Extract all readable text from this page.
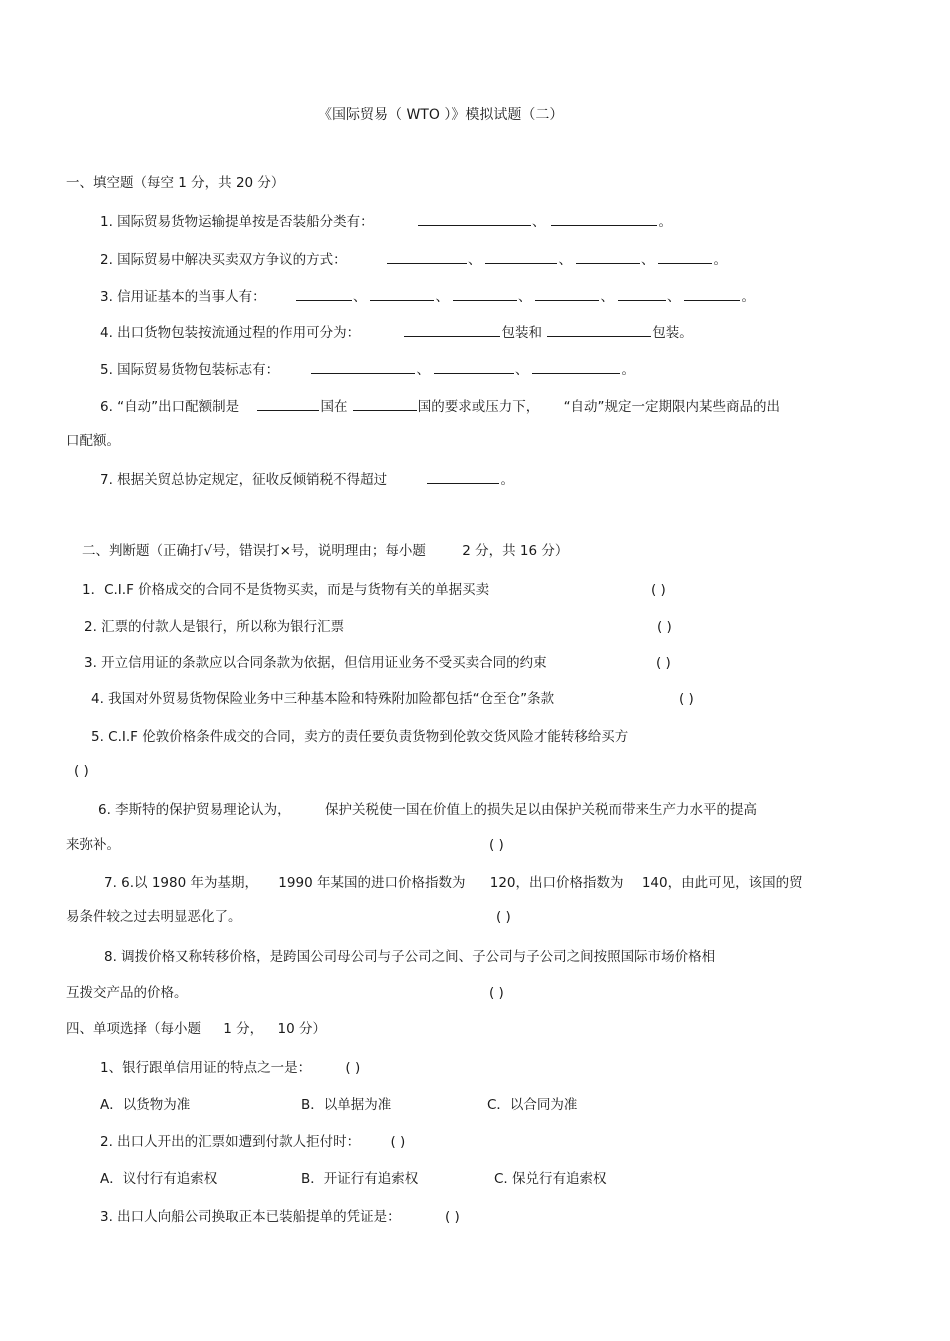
《国际贸易（ WTO ）》模拟试题（二）
一、填空题（每空 1 分，共 20 分）
1. 国际贸易货物运输提单按是否装船分类有：	、	。
2. 国际贸易中解决买卖双方争议的方式：	、	、	、	。
3. 信用证基本的当事人有：	、	、	、	、	、	。
4. 出口货物包装按流通过程的作用可分为：	包装和	包装。
5. 国际贸易货物包装标志有：	、	、	。
6. “自动”出口配额制是	国在	国的要求或压力下， “自动”规定一定期限内某些商品的出
口配额。
7. 根据关贸总协定规定，征收反倾销税不得超过	。
二、判断题（正确打√号，错误打×号，说明理由；每小题	2 分，共 16 分）
1．C.I.F 价格成交的合同不是货物买卖，而是与货物有关的单据买卖	( )
2. 汇票的付款人是银行，所以称为银行汇票	( )
3. 开立信用证的条款应以合同条款为依据，但信用证业务不受买卖合同的约束	( )
4. 我国对外贸易货物保险业务中三种基本险和特殊附加险都包括“仓至仓”条款	( )
5. C.I.F 伦敦价格条件成交的合同，卖方的责任要负责货物到伦敦交货风险才能转移给买方
( )
6. 李斯特的保护贸易理论认为，	保护关税使一国在价值上的损失足以由保护关税而带来生产力水平的提高
来弥补。	( )
7. 6.以 1980 年为基期， 1990 年某国的进口价格指数为 120，出口价格指数为 140，由此可见，该国的贸
易条件较之过去明显恶化了。	( )
8. 调拨价格又称转移价格，是跨国公司母公司与子公司之间、子公司与子公司之间按照国际市场价格相
互拨交产品的价格。	( )
四、单项选择（每小题 1 分， 10 分）
1、银行跟单信用证的特点之一是：	( )
A．以货物为准	B．以单据为准	C．以合同为准
2. 出口人开出的汇票如遭到付款人拒付时： ( )
A．议付行有追索权	B．开证行有追索权	C. 保兑行有追索权
3. 出口人向船公司换取正本已装船提单的凭证是：	( )
